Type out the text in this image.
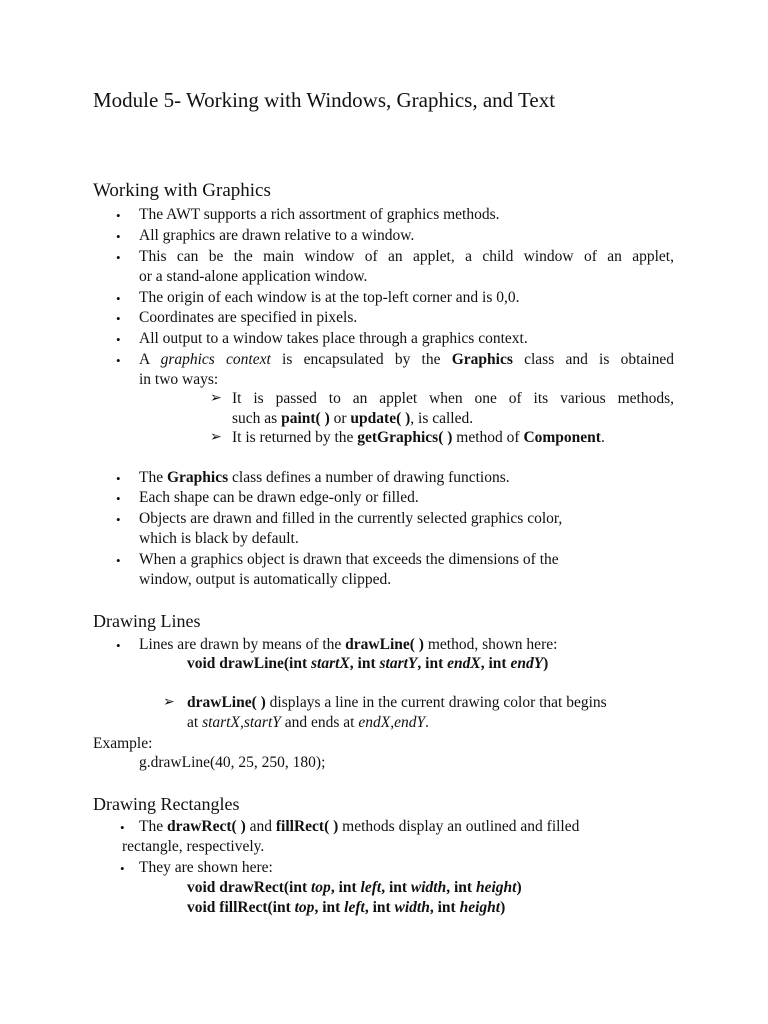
Module 5- Working with Windows, Graphics, and Text
Working with Graphics
• The AWT supports a rich assortment of graphics methods.
• All graphics are drawn relative to a window.
• This can be the main window of an applet, a child window of an applet,
or a stand-alone application window.
• The origin of each window is at the top-left corner and is 0,0.
• Coordinates are specified in pixels.
• All output to a window takes place through a graphics context.
• A graphics context is encapsulated by the Graphics class and is obtained
in two ways:
➢ It is passed to an applet when one of its various methods,
such as paint( ) or update( ), is called.
➢ It is returned by the getGraphics( ) method of Component.
• The Graphics class defines a number of drawing functions.
• Each shape can be drawn edge-only or filled.
• Objects are drawn and filled in the currently selected graphics color,
which is black by default.
• When a graphics object is drawn that exceeds the dimensions of the
window, output is automatically clipped.
Drawing Lines
• Lines are drawn by means of the drawLine( ) method, shown here:
void drawLine(int startX, int startY, int endX, int endY)
➢ drawLine( ) displays a line in the current drawing color that begins
at startX,startY and ends at endX,endY.
Example:
g.drawLine(40, 25, 250, 180);
Drawing Rectangles
• The drawRect( ) and fillRect( ) methods display an outlined and filled
rectangle, respectively.
• They are shown here:
void drawRect(int top, int left, int width, int height)
void fillRect(int top, int left, int width, int height)
